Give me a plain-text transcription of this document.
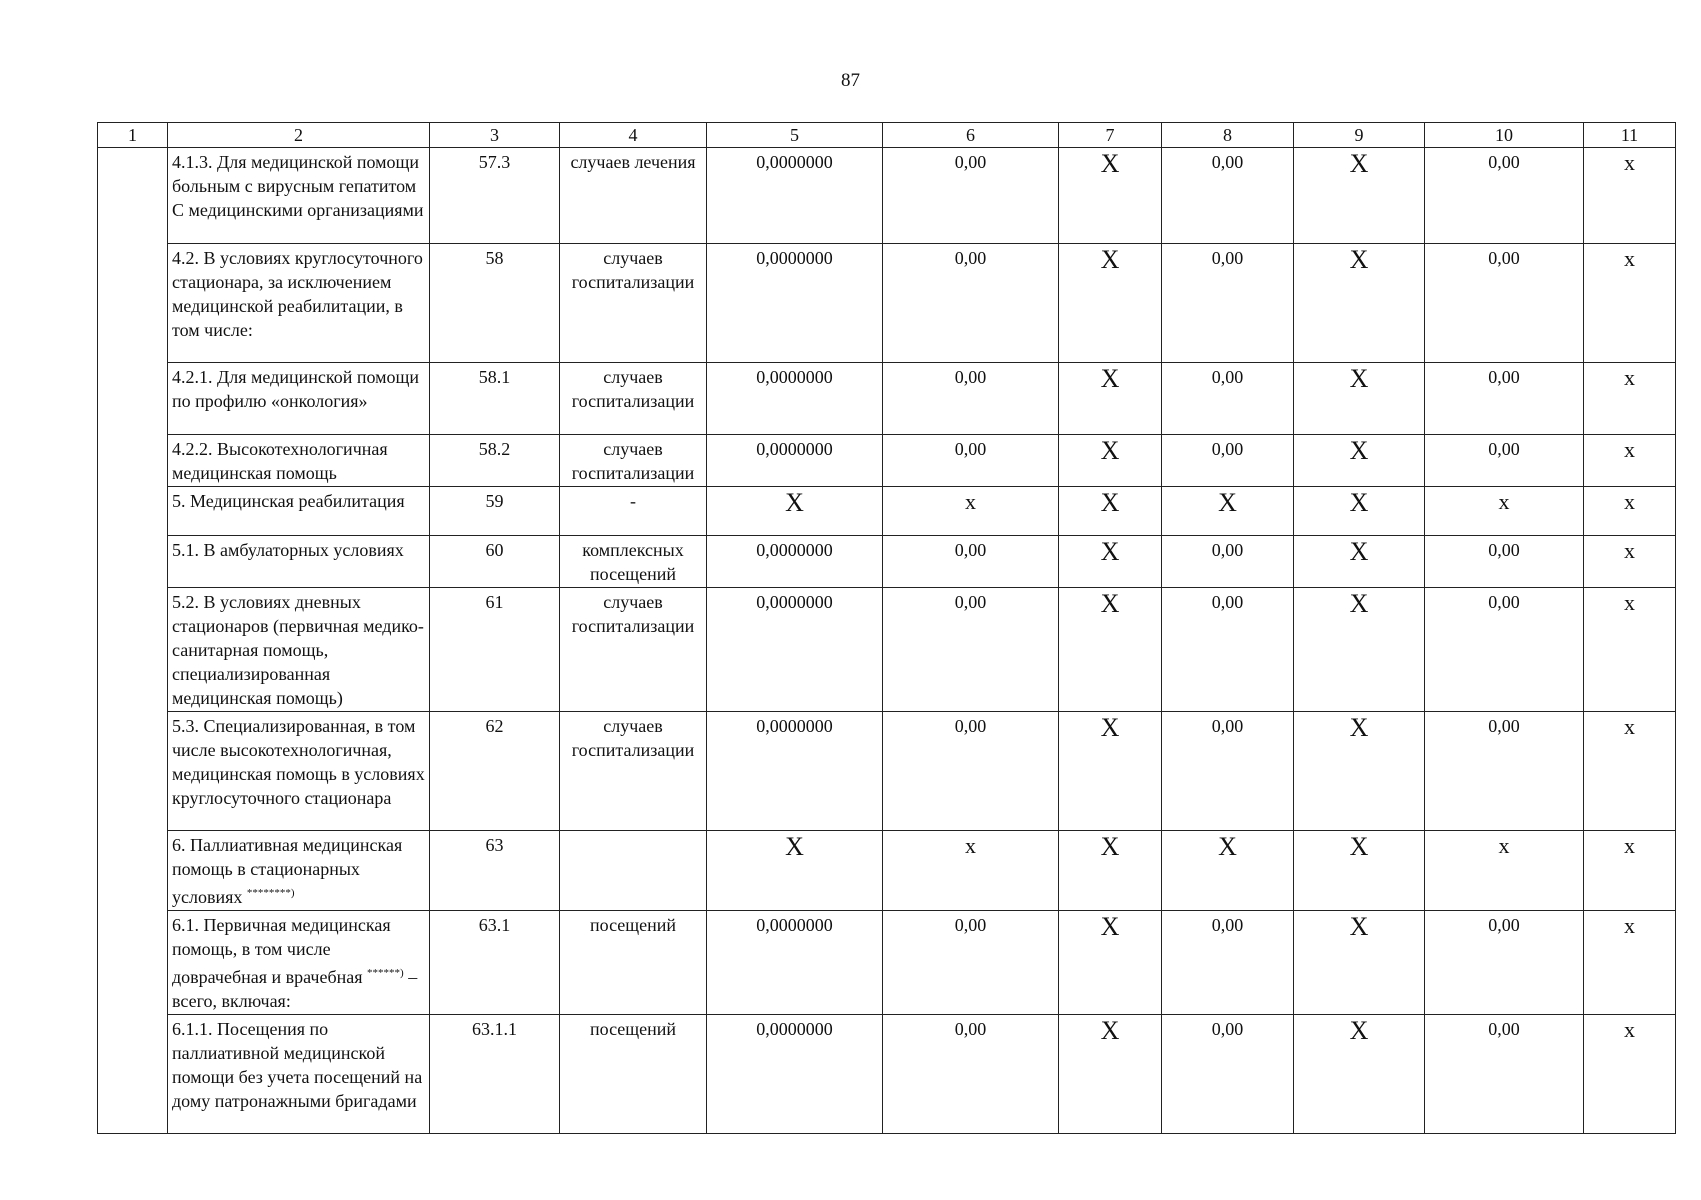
87
1	2	3	4	5	6	7	8	9	10	11
	4.1.3. Для медицинской помощи больным с вирусным гепатитом С медицинскими организациями	57.3	случаев лечения	0,0000000	0,00	X	0,00	X	0,00	x
	4.2. В условиях круглосуточного стационара, за исключением медицинской реабилитации, в том числе:	58	случаев госпитализации	0,0000000	0,00	X	0,00	X	0,00	x
	4.2.1. Для медицинской помощи по профилю «онкология»	58.1	случаев госпитализации	0,0000000	0,00	X	0,00	X	0,00	x
	4.2.2. Высокотехнологичная медицинская помощь	58.2	случаев госпитализации	0,0000000	0,00	X	0,00	X	0,00	x
	5. Медицинская реабилитация	59	-	X	x	X	X	X	x	x
	5.1. В амбулаторных условиях	60	комплексных посещений	0,0000000	0,00	X	0,00	X	0,00	x
	5.2. В условиях дневных стационаров (первичная медико-санитарная помощь, специализированная медицинская помощь)	61	случаев госпитализации	0,0000000	0,00	X	0,00	X	0,00	x
	5.3. Специализированная, в том числе высокотехнологичная, медицинская помощь в условиях круглосуточного стационара	62	случаев госпитализации	0,0000000	0,00	X	0,00	X	0,00	x
	6. Паллиативная медицинская помощь в стационарных условиях ********)	63		X	x	X	X	X	x	x
	6.1. Первичная медицинская помощь, в том числе доврачебная и врачебная ******) –всего, включая:	63.1	посещений	0,0000000	0,00	X	0,00	X	0,00	x
	6.1.1. Посещения по паллиативной медицинской помощи без учета посещений на дому патронажными бригадами	63.1.1	посещений	0,0000000	0,00	X	0,00	X	0,00	x
